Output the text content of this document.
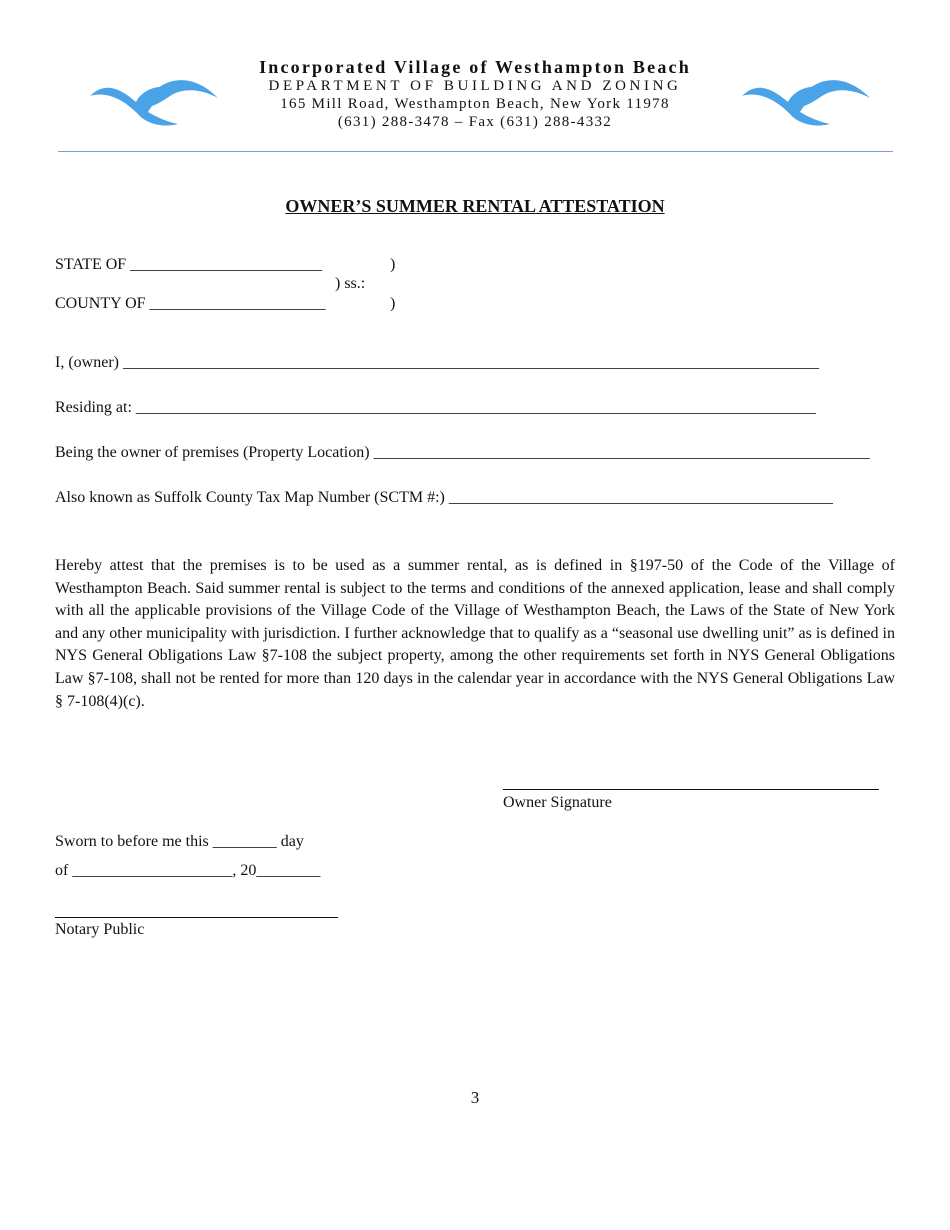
Incorporated Village of Westhampton Beach
DEPARTMENT OF BUILDING AND ZONING
165 Mill Road, Westhampton Beach, New York 11978
(631) 288-3478 – Fax (631) 288-4332
OWNER’S SUMMER RENTAL ATTESTATION
STATE OF ________________________	)
) ss.:
COUNTY OF ______________________	)
I, (owner) _______________________________________________________________________________________
Residing at: _____________________________________________________________________________________
Being the owner of premises (Property Location) ______________________________________________________________
Also known as Suffolk County Tax Map Number (SCTM #:) ________________________________________________

Hereby attest that the premises is to be used as a summer rental, as is defined in §197-50 of the Code of the Village of Westhampton Beach. Said summer rental is subject to the terms and conditions of the annexed application, lease and shall comply with all the applicable provisions of the Village Code of the Village of Westhampton Beach, the Laws of the State of New York and any other municipality with jurisdiction. I further acknowledge that to qualify as a “seasonal use dwelling unit” as is defined in NYS General Obligations Law §7-108 the subject property, among the other requirements set forth in NYS General Obligations Law §7-108, shall not be rented for more than 120 days in the calendar year in accordance with the NYS General Obligations Law § 7-108(4)(c).

Owner Signature
Sworn to before me this ________ day
of ____________________, 20________
Notary Public
3
